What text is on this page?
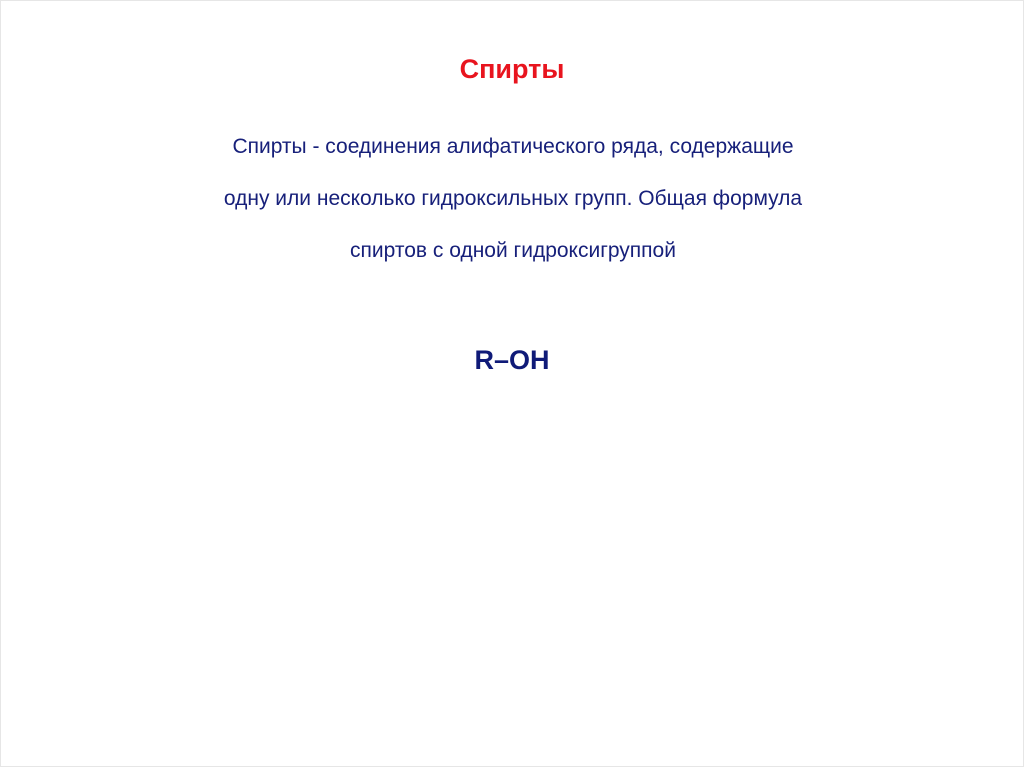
Спирты
Спирты - соединения алифатического ряда, содержащие
одну или несколько гидроксильных групп. Общая формула
спиртов с одной гидроксигруппой
R–OH
